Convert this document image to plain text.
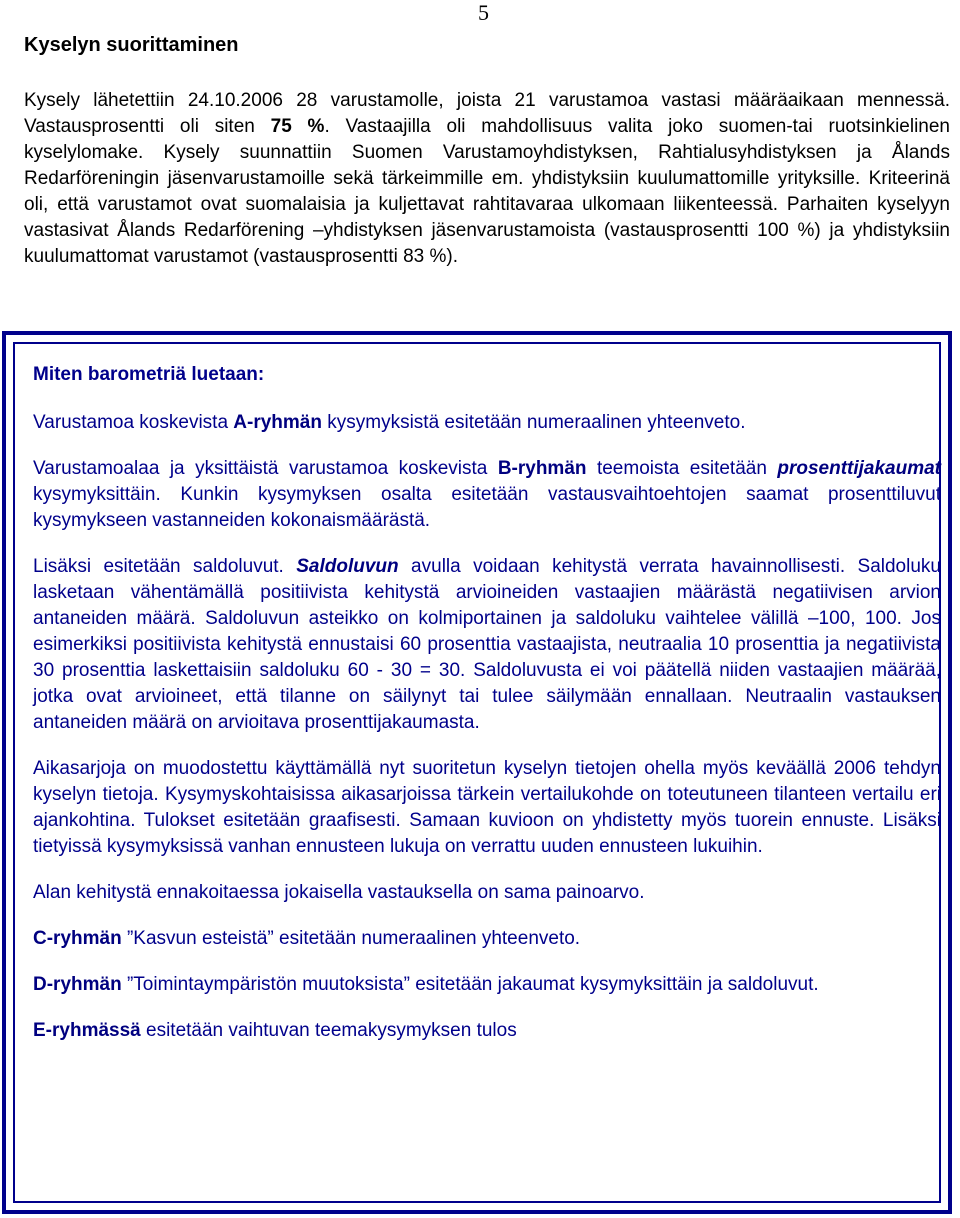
5
Kyselyn suorittaminen

Kysely lähetettiin 24.10.2006 28 varustamolle, joista 21 varustamoa vastasi määräaikaan mennessä. Vastausprosentti oli siten 75 %. Vastaajilla oli mahdollisuus valita joko suomen-tai ruotsinkielinen kyselylomake. Kysely suunnattiin Suomen Varustamoyhdistyksen, Rahtialusyhdistyksen ja Ålands Redarföreningin jäsenvarustamoille sekä tärkeimmille em. yhdistyksiin kuulumattomille yrityksille. Kriteerinä oli, että varustamot ovat suomalaisia ja kuljettavat rahtitavaraa ulkomaan liikenteessä. Parhaiten kyselyyn vastasivat Ålands Redarförening –yhdistyksen jäsenvarustamoista (vastausprosentti 100 %) ja yhdistyksiin kuulumattomat varustamot (vastausprosentti 83 %).

Miten barometriä luetaan:

Varustamoa koskevista A-ryhmän kysymyksistä esitetään numeraalinen yhteenveto.

Varustamoalaa ja yksittäistä varustamoa koskevista B-ryhmän teemoista esitetään prosenttijakaumat kysymyksittäin. Kunkin kysymyksen osalta esitetään vastausvaihtoehtojen saamat prosenttiluvut kysymykseen vastanneiden kokonaismäärästä.

Lisäksi esitetään saldoluvut. Saldoluvun avulla voidaan kehitystä verrata havainnollisesti. Saldoluku lasketaan vähentämällä positiivista kehitystä arvioineiden vastaajien määrästä negatiivisen arvion antaneiden määrä. Saldoluvun asteikko on kolmiportainen ja saldoluku vaihtelee välillä –100, 100. Jos esimerkiksi positiivista kehitystä ennustaisi 60 prosenttia vastaajista, neutraalia 10 prosenttia ja negatiivista 30 prosenttia laskettaisiin saldoluku 60 - 30 = 30. Saldoluvusta ei voi päätellä niiden vastaajien määrää, jotka ovat arvioineet, että tilanne on säilynyt tai tulee säilymään ennallaan. Neutraalin vastauksen antaneiden määrä on arvioitava prosenttijakaumasta.

Aikasarjoja on muodostettu käyttämällä nyt suoritetun kyselyn tietojen ohella myös keväällä 2006 tehdyn kyselyn tietoja. Kysymyskohtaisissa aikasarjoissa tärkein vertailukohde on toteutuneen tilanteen vertailu eri ajankohtina. Tulokset esitetään graafisesti. Samaan kuvioon on yhdistetty myös tuorein ennuste. Lisäksi tietyissä kysymyksissä vanhan ennusteen lukuja on verrattu uuden ennusteen lukuihin.

Alan kehitystä ennakoitaessa jokaisella vastauksella on sama painoarvo.

C-ryhmän ”Kasvun esteistä” esitetään numeraalinen yhteenveto.

D-ryhmän ”Toimintaympäristön muutoksista” esitetään jakaumat kysymyksittäin ja saldoluvut.

E-ryhmässä esitetään vaihtuvan teemakysymyksen tulos
